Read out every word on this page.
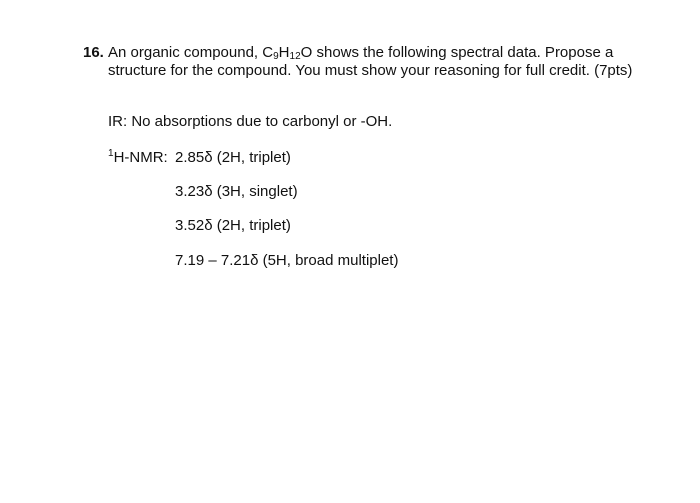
16. An organic compound, $C_9H_{12}O$ shows the following spectral data. Propose a structure for the compound. You must show your reasoning for full credit. (7pts)
IR: No absorptions due to carbonyl or -OH.
$^1$H-NMR: 2.85δ (2H, triplet)
3.23δ (3H, singlet)
3.52δ (2H, triplet)
7.19 – 7.21δ (5H, broad multiplet)
